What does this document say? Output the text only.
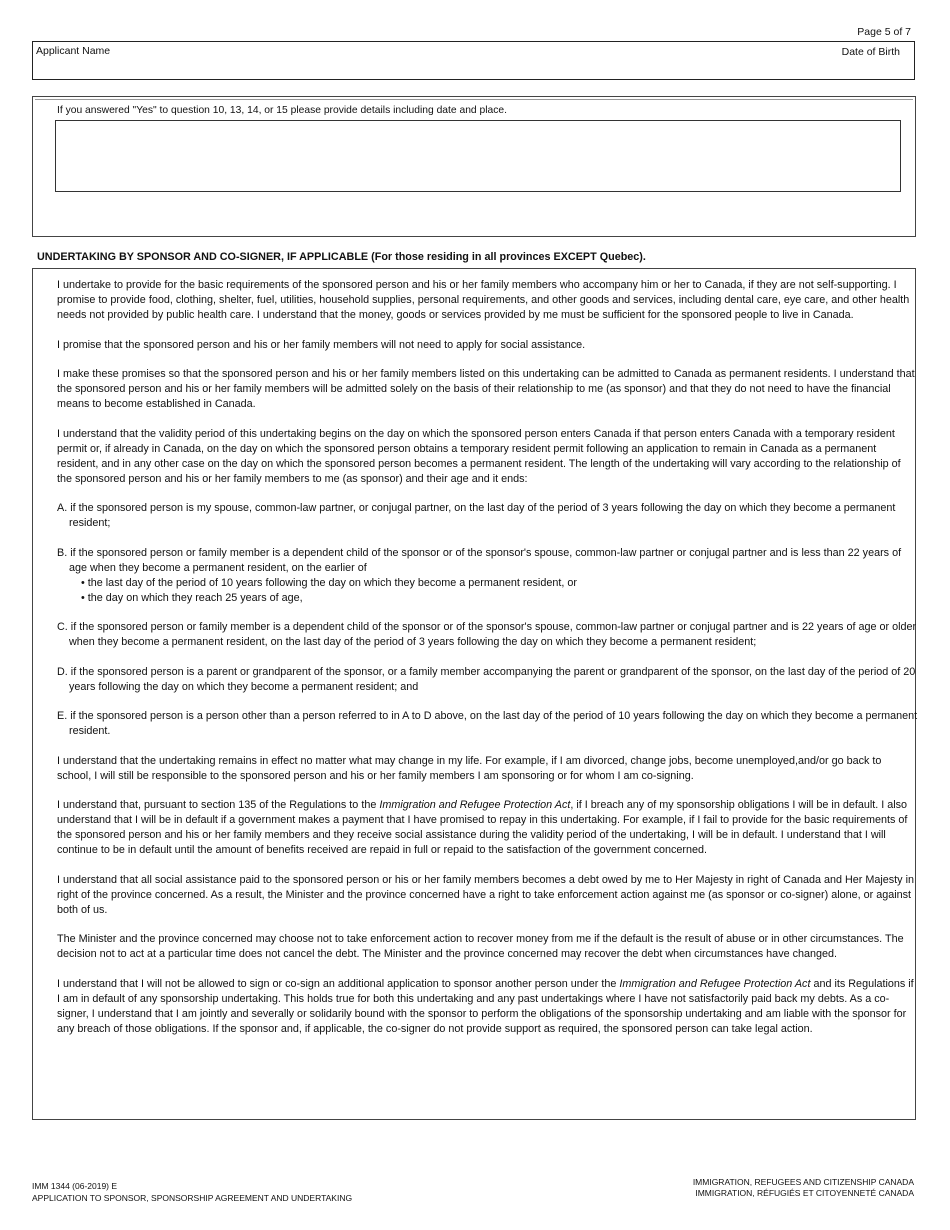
Page 5 of 7
Applicant Name	Date of Birth
If you answered "Yes" to question 10, 13, 14, or 15 please provide details including date and place.
UNDERTAKING BY SPONSOR AND CO-SIGNER, IF APPLICABLE (For those residing in all provinces EXCEPT Quebec).

I undertake to provide for the basic requirements of the sponsored person and his or her family members who accompany him or her to Canada, if they are not self-supporting. I promise to provide food, clothing, shelter, fuel, utilities, household supplies, personal requirements, and other goods and services, including dental care, eye care, and other health needs not provided by public health care. I understand that the money, goods or services provided by me must be sufficient for the sponsored people to live in Canada.

I promise that the sponsored person and his or her family members will not need to apply for social assistance.

I make these promises so that the sponsored person and his or her family members listed on this undertaking can be admitted to Canada as permanent residents. I understand that the sponsored person and his or her family members will be admitted solely on the basis of their relationship to me (as sponsor) and that they do not need to have the financial means to become established in Canada.

I understand that the validity period of this undertaking begins on the day on which the sponsored person enters Canada if that person enters Canada with a temporary resident permit or, if already in Canada, on the day on which the sponsored person obtains a temporary resident permit following an application to remain in Canada as a permanent resident, and in any other case on the day on which the sponsored person becomes a permanent resident. The length of the undertaking will vary according to the relationship of the sponsored person and his or her family members to me (as sponsor) and their age and it ends:

A. if the sponsored person is my spouse, common-law partner, or conjugal partner, on the last day of the period of 3 years following the day on which they become a permanent resident;

B. if the sponsored person or family member is a dependent child of the sponsor or of the sponsor's spouse, common-law partner or conjugal partner and is less than 22 years of age when they become a permanent resident, on the earlier of
• the last day of the period of 10 years following the day on which they become a permanent resident, or
• the day on which they reach 25 years of age,

C. if the sponsored person or family member is a dependent child of the sponsor or of the sponsor's spouse, common-law partner or conjugal partner and is 22 years of age or older when they become a permanent resident, on the last day of the period of 3 years following the day on which they become a permanent resident;

D. if the sponsored person is a parent or grandparent of the sponsor, or a family member accompanying the parent or grandparent of the sponsor, on the last day of the period of 20 years following the day on which they become a permanent resident; and

E. if the sponsored person is a person other than a person referred to in A to D above, on the last day of the period of 10 years following the day on which they become a permanent resident.

I understand that the undertaking remains in effect no matter what may change in my life. For example, if I am divorced, change jobs, become unemployed,and/or go back to school, I will still be responsible to the sponsored person and his or her family members I am sponsoring or for whom I am co-signing.

I understand that, pursuant to section 135 of the Regulations to the Immigration and Refugee Protection Act, if I breach any of my sponsorship obligations I will be in default. I also understand that I will be in default if a government makes a payment that I have promised to repay in this undertaking. For example, if I fail to provide for the basic requirements of the sponsored person and his or her family members and they receive social assistance during the validity period of the undertaking, I will be in default. I understand that I will continue to be in default until the amount of benefits received are repaid in full or repaid to the satisfaction of the government concerned.

I understand that all social assistance paid to the sponsored person or his or her family members becomes a debt owed by me to Her Majesty in right of Canada and Her Majesty in right of the province concerned. As a result, the Minister and the province concerned have a right to take enforcement action against me (as sponsor or co-signer) alone, or against both of us.

The Minister and the province concerned may choose not to take enforcement action to recover money from me if the default is the result of abuse or in other circumstances. The decision not to act at a particular time does not cancel the debt. The Minister and the province concerned may recover the debt when circumstances have changed.

I understand that I will not be allowed to sign or co-sign an additional application to sponsor another person under the Immigration and Refugee Protection Act and its Regulations if I am in default of any sponsorship undertaking. This holds true for both this undertaking and any past undertakings where I have not satisfactorily paid back my debts. As a co-signer, I understand that I am jointly and severally or solidarily bound with the sponsor to perform the obligations of the sponsorship undertaking and am liable with the sponsor for any breach of those obligations. If the sponsor and, if applicable, the co-signer do not provide support as required, the sponsored person can take legal action.

IMM 1344 (06-2019) E
APPLICATION TO SPONSOR, SPONSORSHIP AGREEMENT AND UNDERTAKING
IMMIGRATION, REFUGEES AND CITIZENSHIP CANADA
IMMIGRATION, RÉFUGIÉS ET CITOYENNETÉ CANADA
